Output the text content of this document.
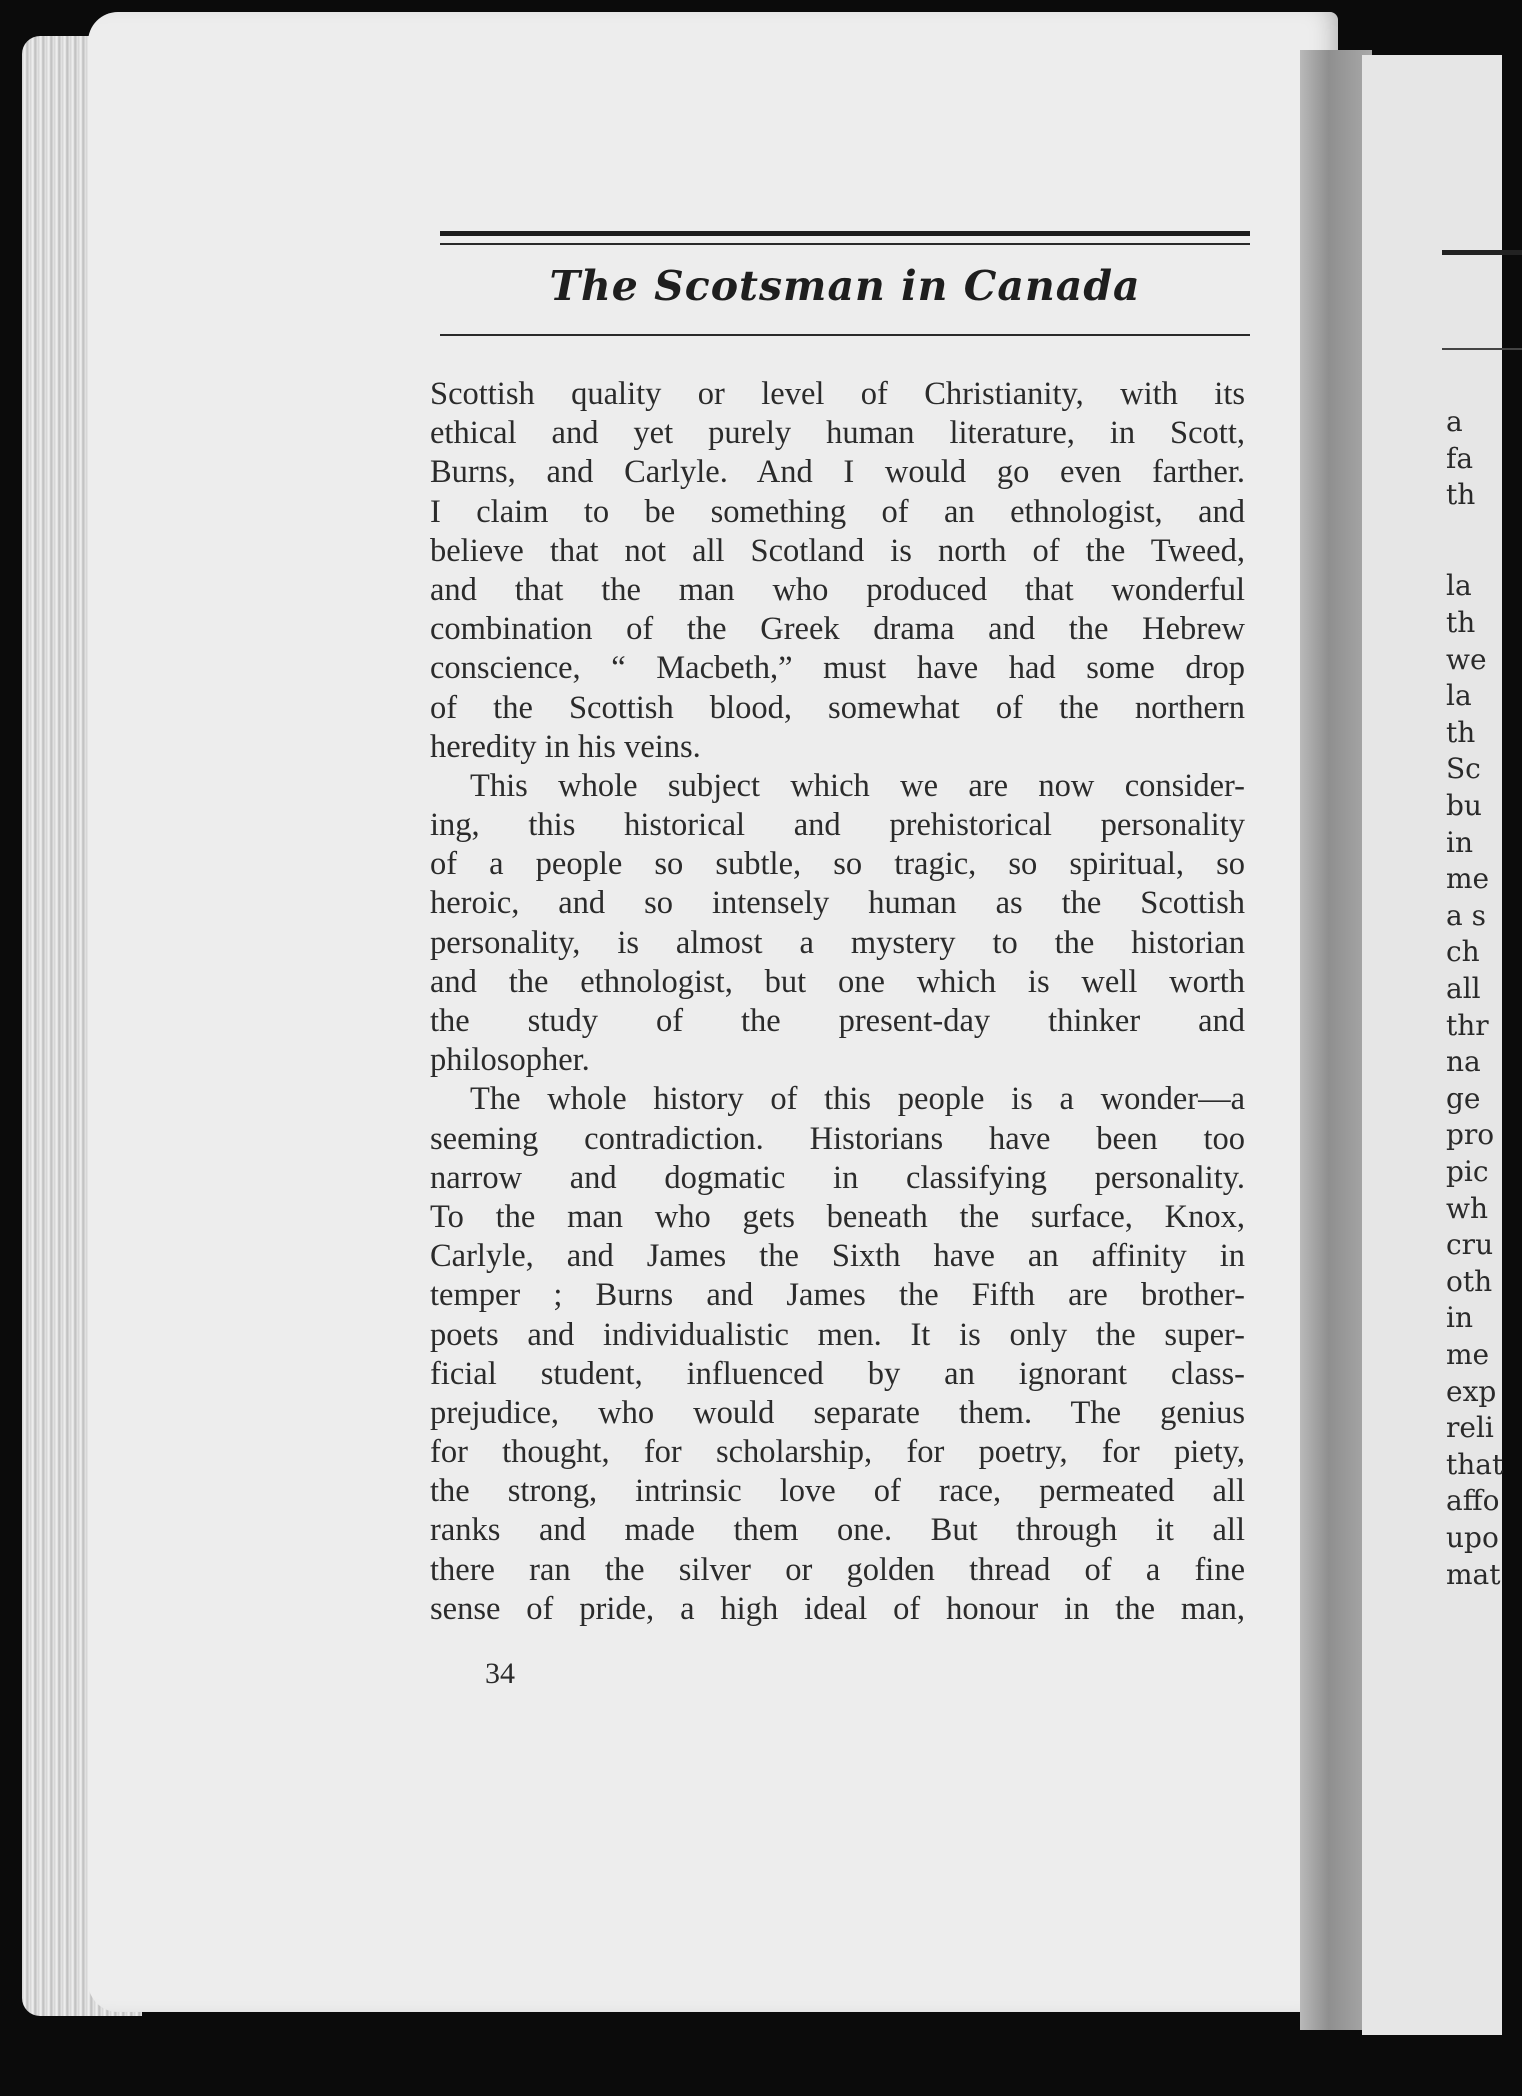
a
fa
th
la
th
we
la
th
Sc
bu
in
me
a s
ch
all
thr
na
ge
pro
pic
wh
cru
oth
in
me
exp
reli
that
affo
upo
mat
The Scotsman in Canada
Scottish quality or level of Christianity, with its
ethical and yet purely human literature, in Scott,
Burns, and Carlyle. And I would go even farther.
I claim to be something of an ethnologist, and
believe that not all Scotland is north of the Tweed,
and that the man who produced that wonderful
combination of the Greek drama and the Hebrew
conscience, “ Macbeth,” must have had some drop
of the Scottish blood, somewhat of the northern
heredity in his veins.
This whole subject which we are now consider-
ing, this historical and prehistorical personality
of a people so subtle, so tragic, so spiritual, so
heroic, and so intensely human as the Scottish
personality, is almost a mystery to the historian
and the ethnologist, but one which is well worth
the study of the present-day thinker and
philosopher.
The whole history of this people is a wonder—a
seeming contradiction. Historians have been too
narrow and dogmatic in classifying personality.
To the man who gets beneath the surface, Knox,
Carlyle, and James the Sixth have an affinity in
temper ; Burns and James the Fifth are brother-
poets and individualistic men. It is only the super-
ficial student, influenced by an ignorant class-
prejudice, who would separate them. The genius
for thought, for scholarship, for poetry, for piety,
the strong, intrinsic love of race, permeated all
ranks and made them one. But through it all
there ran the silver or golden thread of a fine
sense of pride, a high ideal of honour in the man,
34
